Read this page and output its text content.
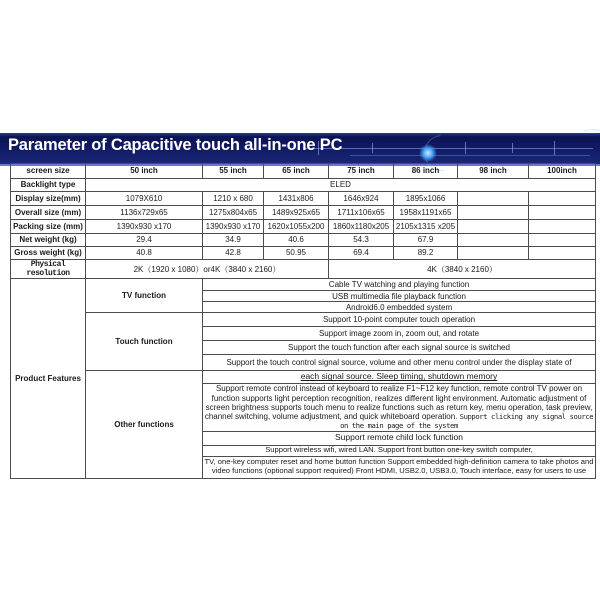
Parameter of Capacitive touch all-in-one PC
screen size	50 inch	55 inch	65 inch	75 inch	86 inch	98 inch	100inch
Backlight type	ELED						
Display size(mm)	1079X610	1210 x 680	1431x806	1646x924	1895x1066		
Overall size (mm)	1136x729x65	1275x804x65	1489x925x65	1711x106x65	1958x1191x65		
Packing size (mm)	1390x930 x170	1390x930 x170	1620x1055x200	1860x1180x205	2105x1315 x205		
Net weight (kg)	29.4	34.9	40.6	54.3	67.9		
Gross weight (kg)	40.8	42.8	50.95	69.4	89.2		
Physical resolution	2K（1920 x 1080）or4K（3840 x 2160）			4K（3840 x 2160）			
Product Features	TV function	Cable TV watching and playing function					
		USB multimedia file playback function					
		Android6.0 embedded system					
	Touch function	Support 10-point computer touch operation					
		Support image zoom in, zoom out, and rotate					
		Support the touch function after each signal source is switched					
		Support the touch control signal source, volume and other menu control under the display state of					
	Other functions	each signal source. Sleep timing, shutdown memory					
		Support remote control instead of keyboard to realize F1~F12 key function, remote control TV power on function supports light perception recognition, realizes different light environment. Automatic adjustment of screen brightness supports touch menu to realize functions such as return key, menu operation, task preview, channel switching, volume adjustment, and quick whiteboard operation. Support clicking any signal source on the main page of the system					
		Support remote child lock function					
		Support wireless wifi, wired LAN. Support front button one-key switch computer,					
		TV, one-key computer reset and home button function Support embedded high-definition camera to take photos and video functions (optional support required) Front HDMI, USB2.0, USB3.0, Touch interface, easy for users to use					
